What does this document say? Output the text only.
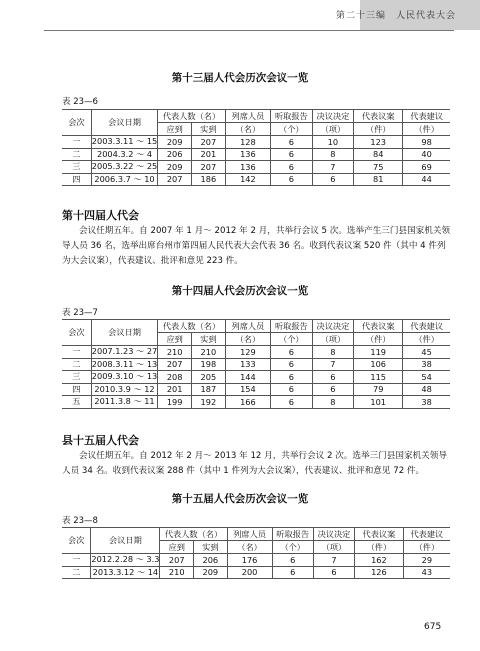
第二十三编　人民代表大会
第十三届人代会历次会议一览
表 23—6
会次	会议日期	代表人数（名）		列席人员	听取报告	决议决定	代表议案	代表建议
		应到	实到	（名）	（个）	（项）	（件）	（件）
一	2003.3.11 ～ 15	209	207	128	6	10	123	98
二	2004.3.2 ～ 4	206	201	136	6	8	84	40
三	2005.3.22 ～ 25	209	207	136	6	7	75	69
四	2006.3.7 ～ 10	207	186	142	6	6	81	44
第十四届人代会
会议任期五年。自 2007 年 1 月～ 2012 年 2 月，共举行会议 5 次。选举产生三门县国家机关领导人员 36 名，选举出席台州市第四届人民代表大会代表 36 名。收到代表议案 520 件（其中 4 件列为大会议案），代表建议、批评和意见 223 件。
第十四届人代会历次会议一览
表 23—7
会次	会议日期	代表人数（名）		列席人员	听取报告	决议决定	代表议案	代表建议
		应到	实到	（名）	（个）	（项）	（件）	（件）
一	2007.1.23 ～ 27	210	210	129	6	8	119	45
二	2008.3.11 ～ 13	207	198	133	6	7	106	38
三	2009.3.10 ～ 13	208	205	144	6	6	115	54
四	2010.3.9 ～ 12	201	187	154	6	6	79	48
五	2011.3.8 ～ 11	199	192	166	6	8	101	38
县十五届人代会
会议任期五年。自 2012 年 2 月～ 2013 年 12 月，共举行会议 2 次。选举三门县国家机关领导人员 34 名。收到代表议案 288 件（其中 1 件列为大会议案），代表建议、批评和意见 72 件。
第十五届人代会历次会议一览
表 23—8
会次	会议日期	代表人数（名）		列席人员	听取报告	决议决定	代表议案	代表建议
		应到	实到	（名）	（个）	（项）	（件）	（件）
一	2012.2.28 ～ 3.3	207	206	176	6	7	162	29
二	2013.3.12 ～ 14	210	209	200	6	6	126	43
675
